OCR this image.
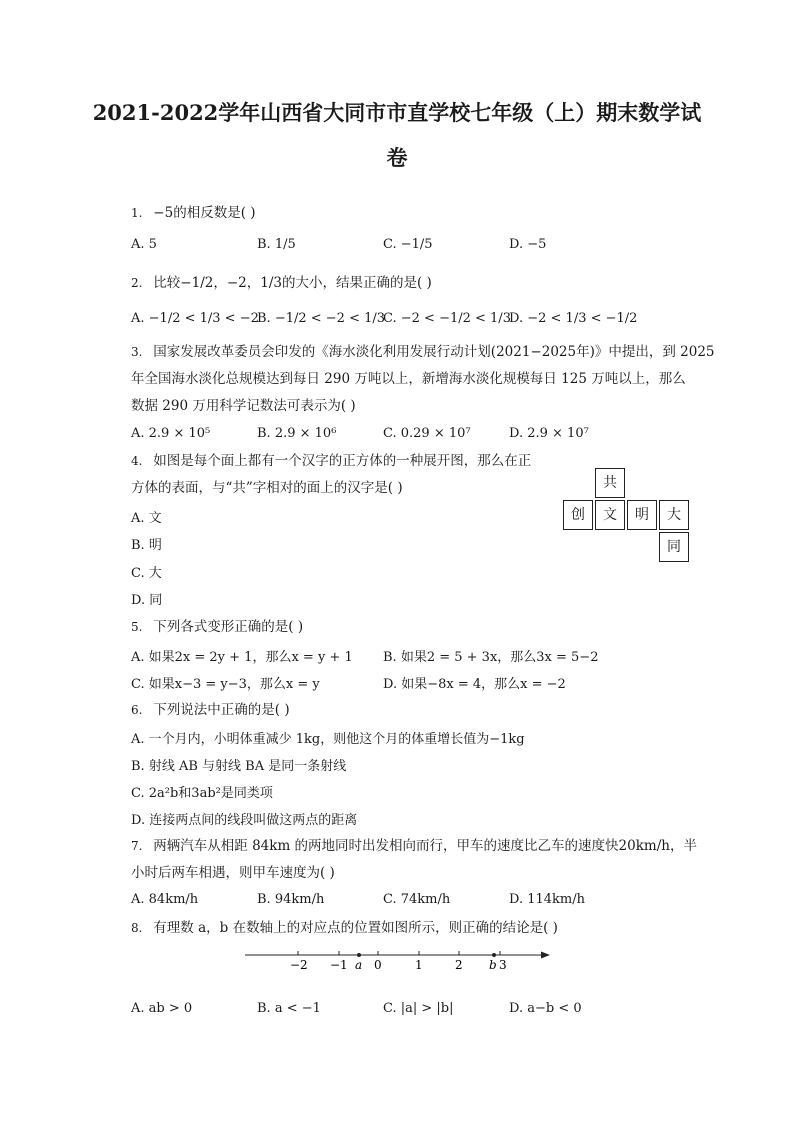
2021-2022学年山西省大同市市直学校七年级（上）期末数学试
卷
1. −5的相反数是( )
A. 5	B. 1/5	C. −1/5	D. −5
2. 比较−1/2，−2，1/3的大小，结果正确的是( )
A. −1/2 < 1/3 < −2
B. −1/2 < −2 < 1/3
C. −2 < −1/2 < 1/3
D. −2 < 1/3 < −1/2
3. 国家发展改革委员会印发的《海水淡化利用发展行动计划(2021−2025年)》中提出，到 2025
年全国海水淡化总规模达到每日 290 万吨以上，新增海水淡化规模每日 125 万吨以上，那么
数据 290 万用科学记数法可表示为( )
A. 2.9 × 10⁵	B. 2.9 × 10⁶	C. 0.29 × 10⁷	D. 2.9 × 10⁷
4. 如图是每个面上都有一个汉字的正方体的一种展开图，那么在正
方体的表面，与“共”字相对的面上的汉字是( )
A. 文
B. 明
C. 大
D. 同
共
创	文	明	大
同
5. 下列各式变形正确的是( )
A. 如果2x = 2y + 1，那么x = y + 1 B. 如果2 = 5 + 3x，那么3x = 5−2
C. 如果x−3 = y−3，那么x = y	D. 如果−8x = 4，那么x = −2
6. 下列说法中正确的是( )
A. 一个月内，小明体重减少 1kg，则他这个月的体重增长值为−1kg
B. 射线 AB 与射线 BA 是同一条射线
C. 2a²b和3ab²是同类项
D. 连接两点间的线段叫做这两点的距离
7. 两辆汽车从相距 84km 的两地同时出发相向而行，甲车的速度比乙车的速度快20km/h，半
小时后两车相遇，则甲车速度为( )
A. 84km/h	B. 94km/h	C. 74km/h	D. 114km/h
8. 有理数 a，b 在数轴上的对应点的位置如图所示，则正确的结论是( )
−2 −1 a 0	1	2 b 3
A. ab > 0	B. a < −1	C. |a| > |b|	D. a−b < 0
